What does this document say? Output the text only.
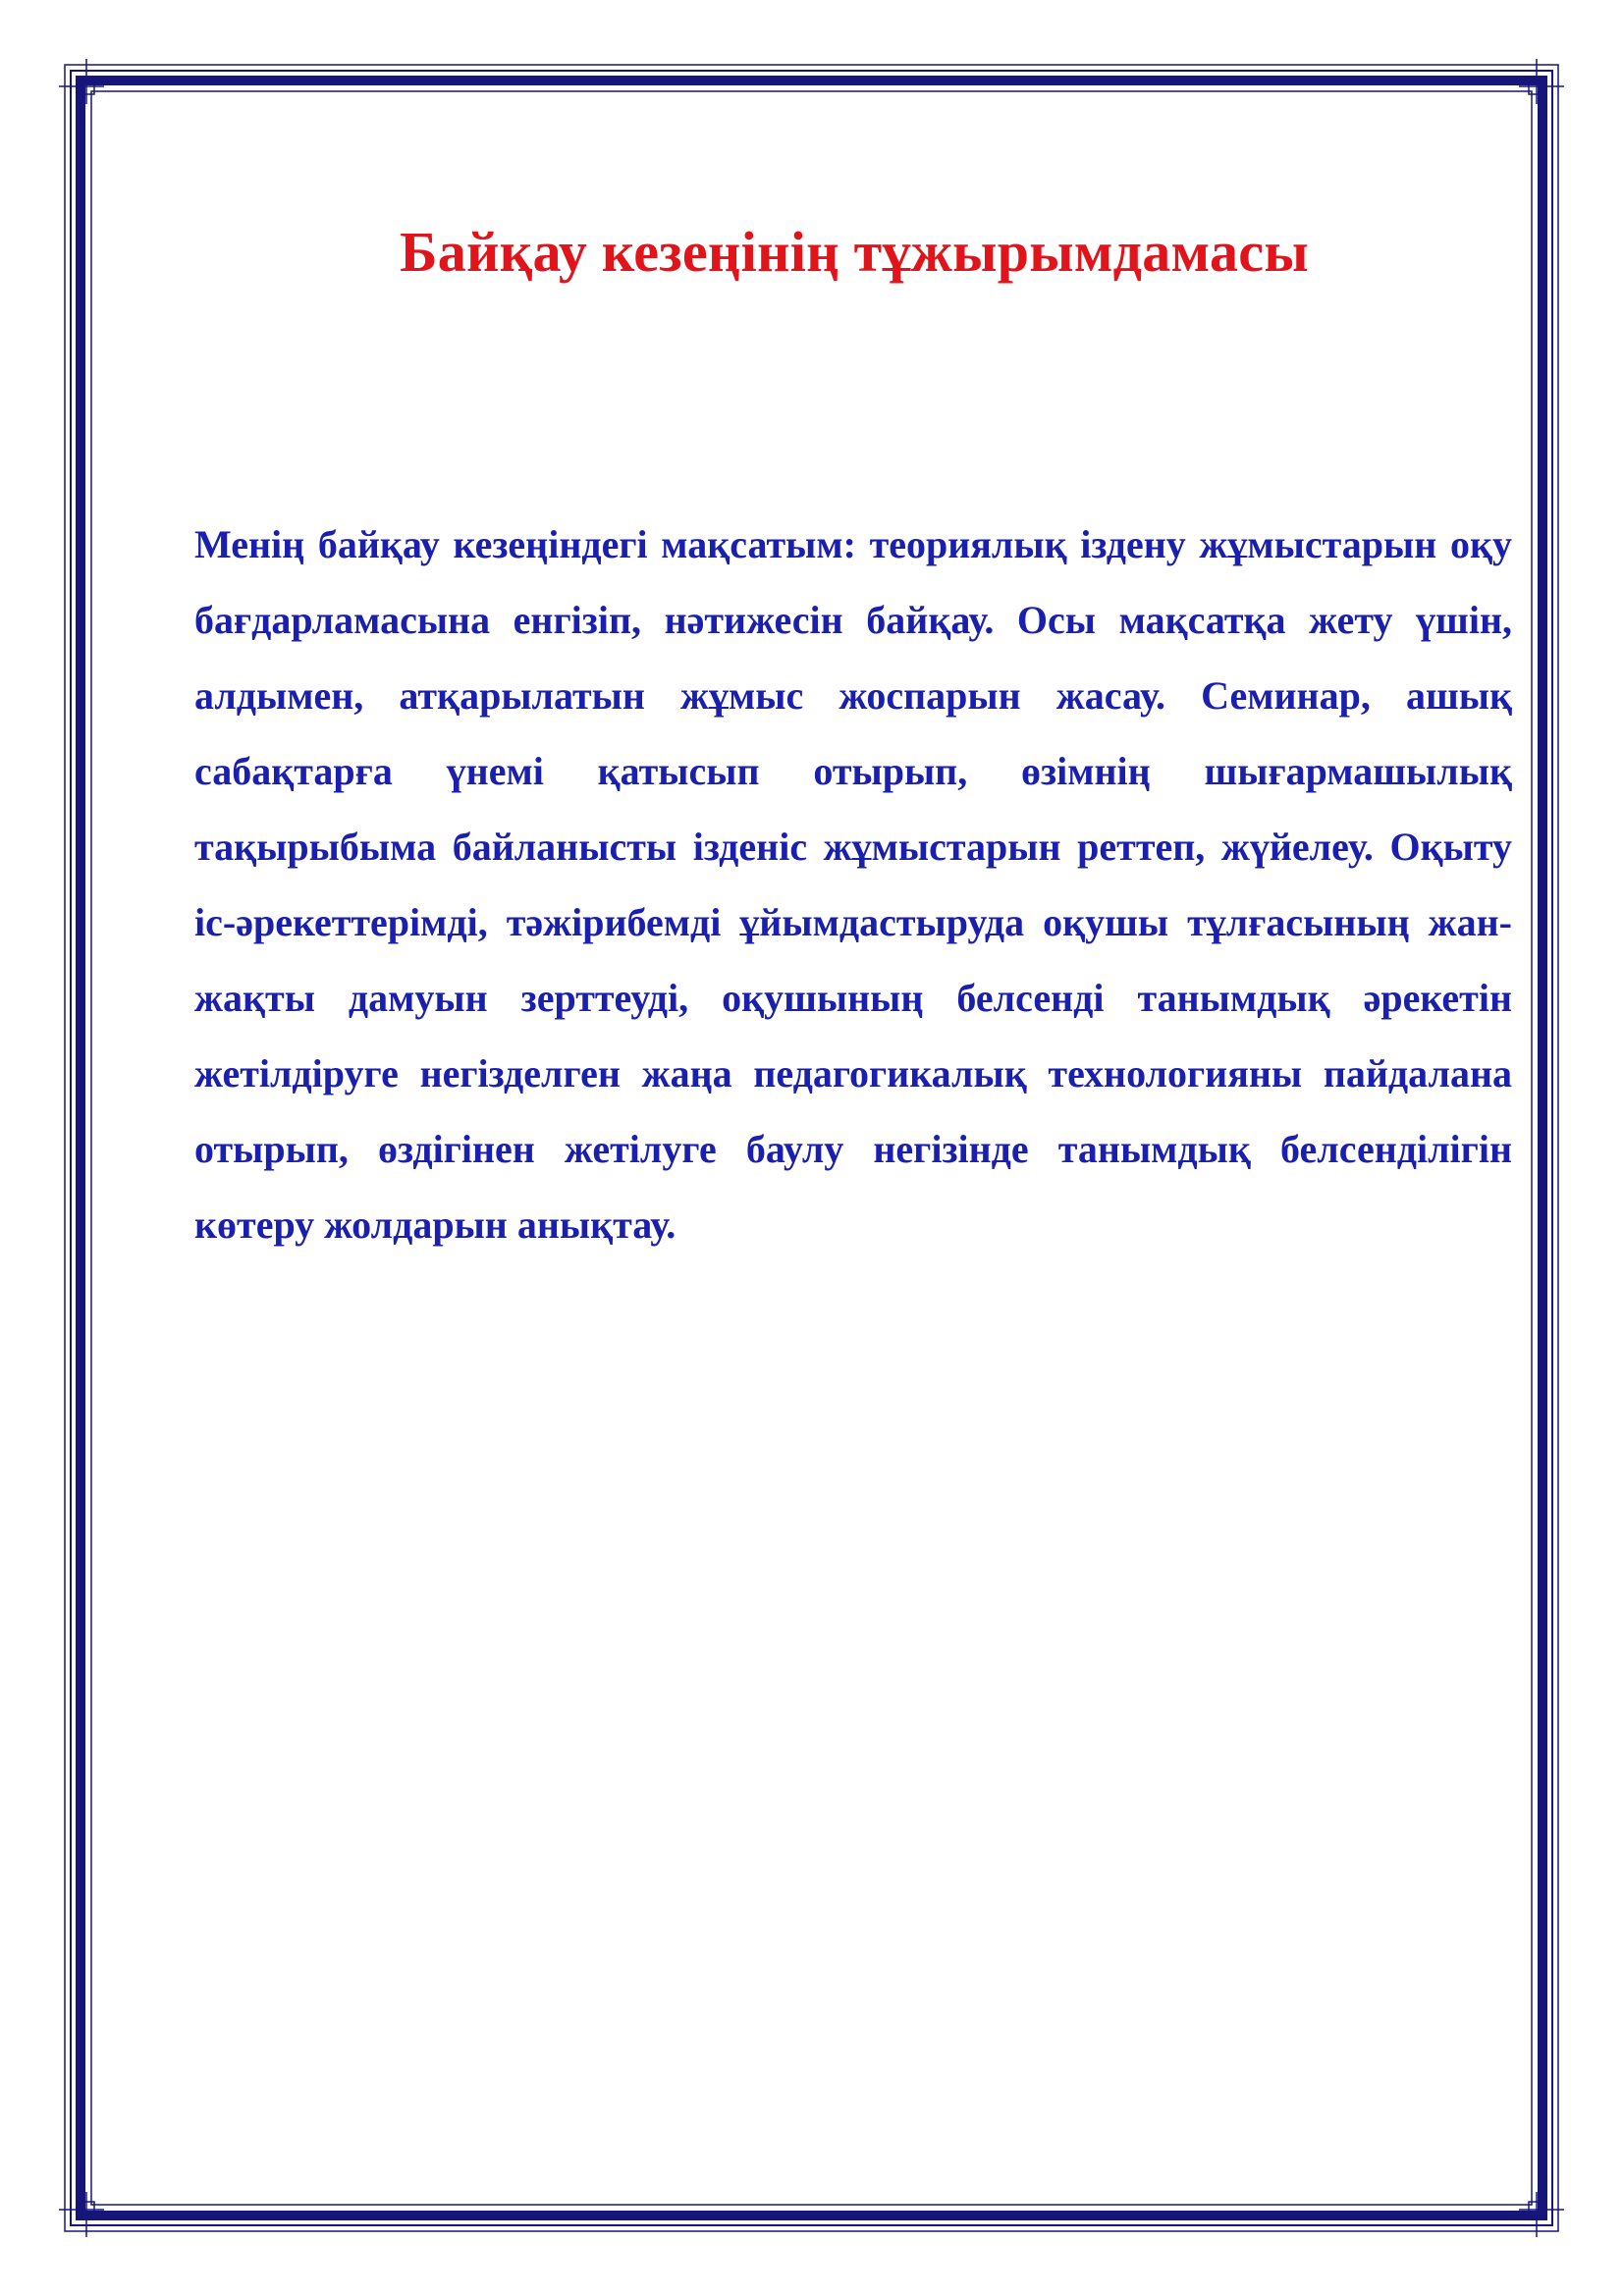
Байқау кезеңінің тұжырымдамасы

Менің байқау кезеңіндегі мақсатым: теориялық іздену жұмыстарын оқу бағдарламасына енгізіп, нәтижесін байқау. Осы мақсатқа жету үшін, алдымен, атқарылатын жұмыс жоспарын жасау. Семинар, ашық сабақтарға үнемі қатысып отырып, өзімнің шығармашылық тақырыбыма байланысты ізденіс жұмыстарын реттеп, жүйелеу. Оқыту іс-әрекеттерімді, тәжірибемді ұйымдастыруда оқушы тұлғасының жан-жақты дамуын зерттеуді, оқушының белсенді танымдық әрекетін жетілдіруге негізделген жаңа педагогикалық технологияны пайдалана отырып, өздігінен жетілуге баулу негізінде танымдық белсенділігін көтеру жолдарын анықтау.
